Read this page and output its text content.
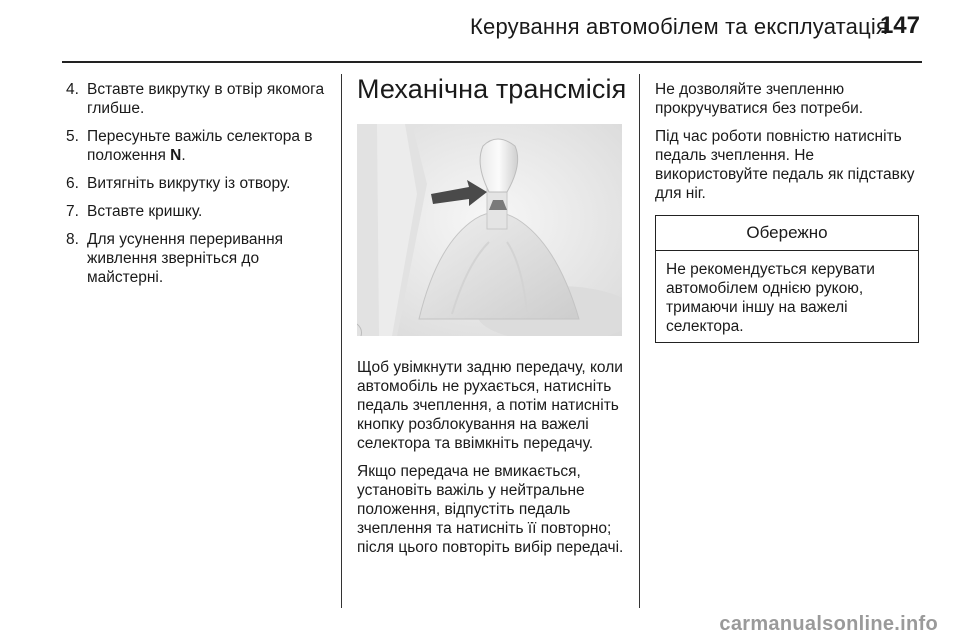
Керування автомобілем та експлуатація
147
4. Вставте викрутку в отвір якомога глибше.
5. Пересуньте важіль селектора в положення N.
6. Витягніть викрутку із отвору.
7. Вставте кришку.
8. Для усунення переривання живлення зверніться до майстерні.
Механічна трансмісія

Щоб увімкнути задню передачу, коли автомобіль не рухається, натисніть педаль зчеплення, а потім натисніть кнопку розблокування на важелі селектора та ввімкніть передачу.

Якщо передача не вмикається, установіть важіль у нейтральне положення, відпустіть педаль зчеплення та натисніть її повторно; після цього повторіть вибір передачі.

Не дозволяйте зчепленню прокручуватися без потреби.

Під час роботи повністю натисніть педаль зчеплення. Не використовуйте педаль як підставку для ніг.

Обережно
Не рекомендується керувати автомобілем однією рукою, тримаючи іншу на важелі селектора.
carmanualsonline.info
